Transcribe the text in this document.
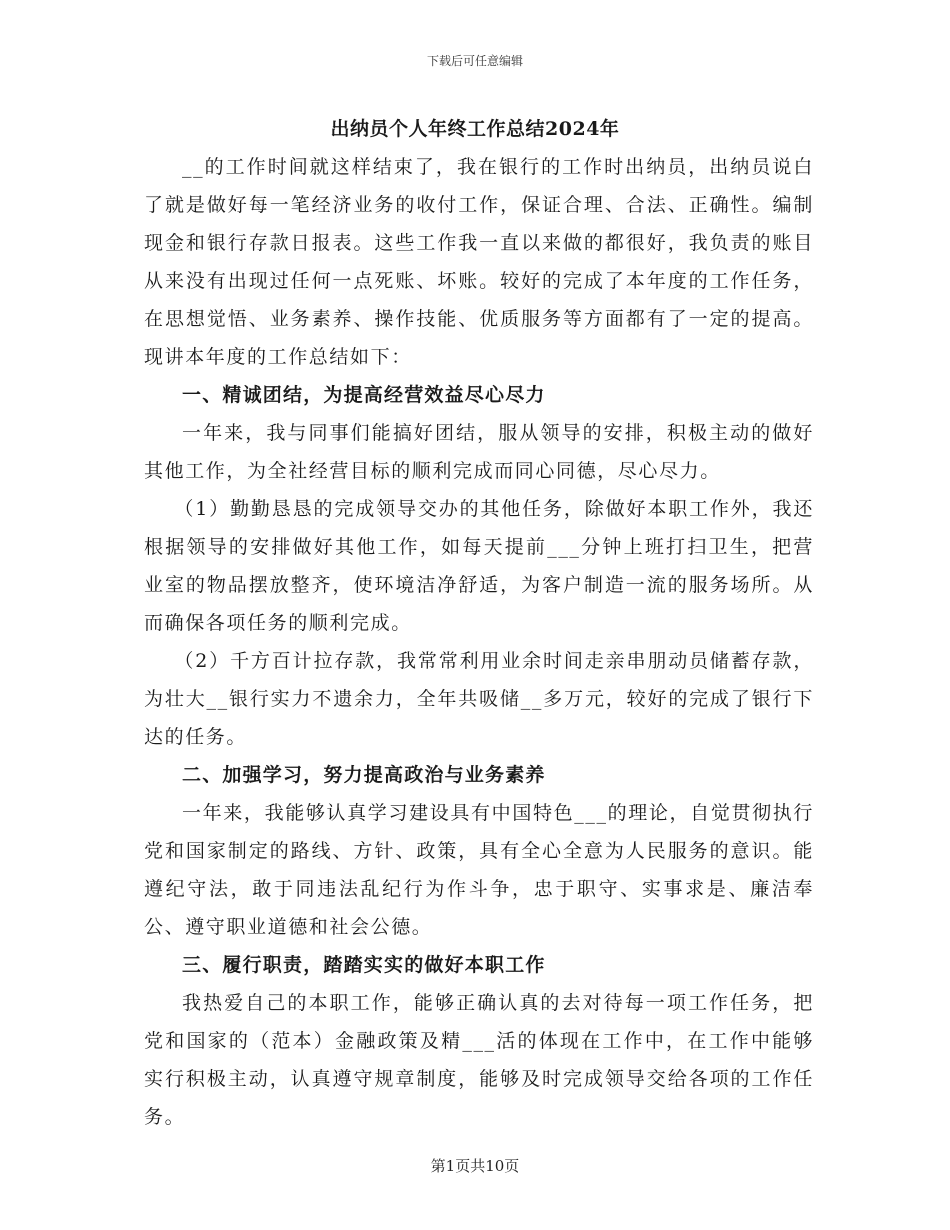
下载后可任意编辑
出纳员个人年终工作总结2024年

__的工作时间就这样结束了，我在银行的工作时出纳员，出纳员说白了就是做好每一笔经济业务的收付工作，保证合理、合法、正确性。编制现金和银行存款日报表。这些工作我一直以来做的都很好，我负责的账目从来没有出现过任何一点死账、坏账。较好的完成了本年度的工作任务，在思想觉悟、业务素养、操作技能、优质服务等方面都有了一定的提高。现讲本年度的工作总结如下：

一、精诚团结，为提高经营效益尽心尽力

一年来，我与同事们能搞好团结，服从领导的安排，积极主动的做好其他工作，为全社经营目标的顺利完成而同心同德，尽心尽力。

（1）勤勤恳恳的完成领导交办的其他任务，除做好本职工作外，我还根据领导的安排做好其他工作，如每天提前___分钟上班打扫卫生，把营业室的物品摆放整齐，使环境洁净舒适，为客户制造一流的服务场所。从而确保各项任务的顺利完成。

（2）千方百计拉存款，我常常利用业余时间走亲串朋动员储蓄存款，为壮大__银行实力不遗余力，全年共吸储__多万元，较好的完成了银行下达的任务。

二、加强学习，努力提高政治与业务素养

一年来，我能够认真学习建设具有中国特色___的理论，自觉贯彻执行党和国家制定的路线、方针、政策，具有全心全意为人民服务的意识。能遵纪守法，敢于同违法乱纪行为作斗争，忠于职守、实事求是、廉洁奉公、遵守职业道德和社会公德。

三、履行职责，踏踏实实的做好本职工作

我热爱自己的本职工作，能够正确认真的去对待每一项工作任务，把党和国家的（范本）金融政策及精___活的体现在工作中，在工作中能够实行积极主动，认真遵守规章制度，能够及时完成领导交给各项的工作任务。

第1页共10页
